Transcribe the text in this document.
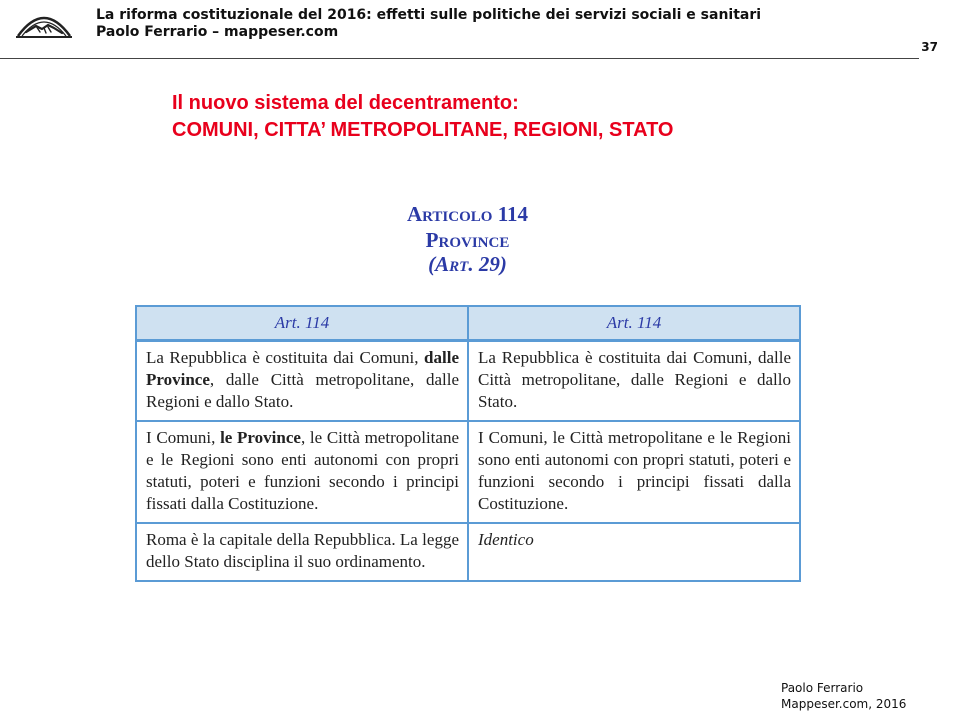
La riforma costituzionale del 2016: effetti sulle politiche dei servizi sociali e sanitari
Paolo Ferrario – mappeser.com
37
Il nuovo sistema del decentramento:
COMUNI, CITTA’ METROPOLITANE, REGIONI, STATO
Articolo 114
Province
(Art. 29)
Art. 114	Art. 114
La Repubblica è costituita dai Comuni, dalle Province, dalle Città metropolitane, dalle Regioni e dallo Stato.	La Repubblica è costituita dai Comuni, dalle Città metropolitane, dalle Regioni e dallo Stato.
I Comuni, le Province, le Città metropolitane e le Regioni sono enti autonomi con propri statuti, poteri e funzioni secondo i principi fissati dalla Costituzione.	I Comuni, le Città metropolitane e le Regioni sono enti autonomi con propri statuti, poteri e funzioni secondo i principi fissati dalla Costituzione.
Roma è la capitale della Repubblica. La legge dello Stato disciplina il suo ordinamento.	Identico
Paolo Ferrario
Mappeser.com, 2016
